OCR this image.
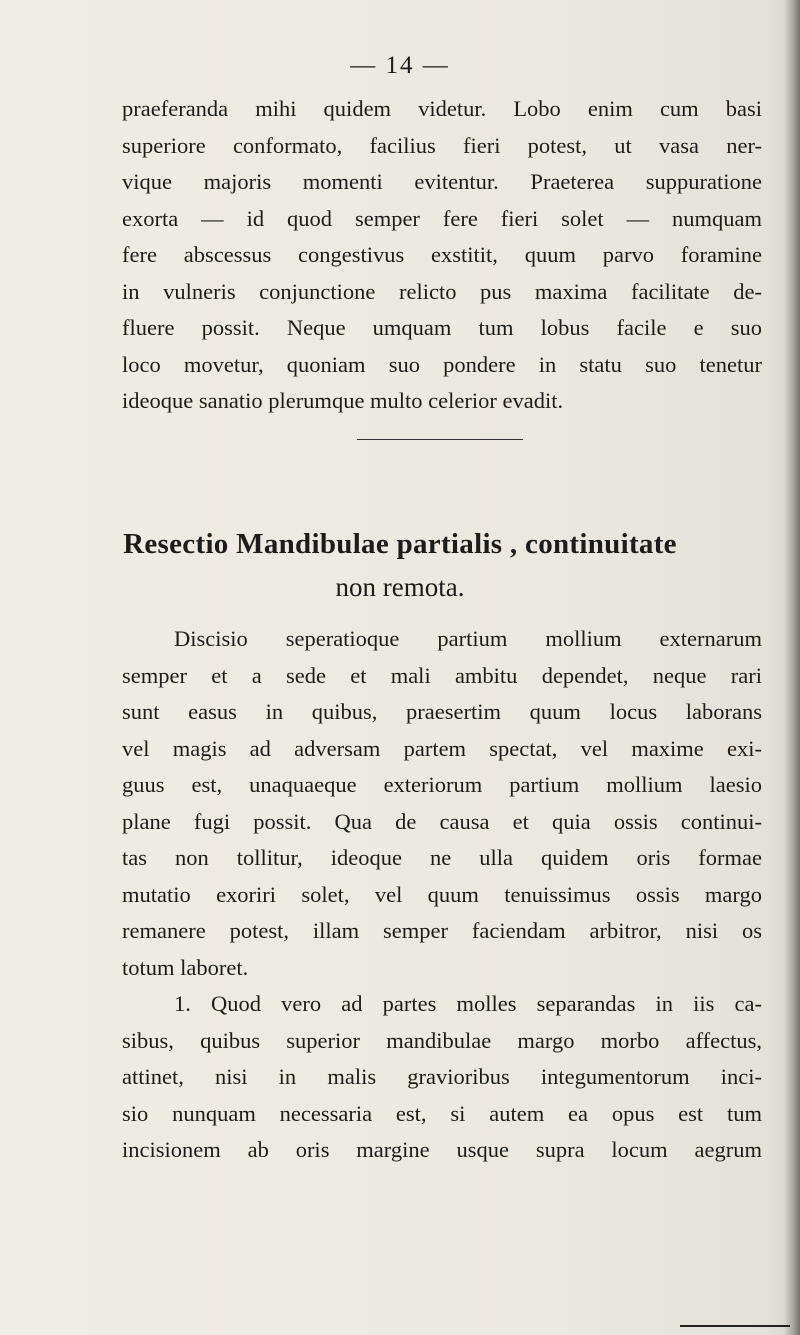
— 14 —
praeferanda mihi quidem videtur. Lobo enim cum basi
superiore conformato, facilius fieri potest, ut vasa ner-
vique majoris momenti evitentur. Praeterea suppuratione
exorta — id quod semper fere fieri solet — numquam
fere abscessus congestivus exstitit, quum parvo foramine
in vulneris conjunctione relicto pus maxima facilitate de-
fluere possit. Neque umquam tum lobus facile e suo
loco movetur, quoniam suo pondere in statu suo tenetur
ideoque sanatio plerumque multo celerior evadit.
Resectio Mandibulae partialis , continuitate
non remota.
Discisio seperatioque partium mollium externarum
semper et a sede et mali ambitu dependet, neque rari
sunt easus in quibus, praesertim quum locus laborans
vel magis ad adversam partem spectat, vel maxime exi-
guus est, unaquaeque exteriorum partium mollium laesio
plane fugi possit. Qua de causa et quia ossis continui-
tas non tollitur, ideoque ne ulla quidem oris formae
mutatio exoriri solet, vel quum tenuissimus ossis margo
remanere potest, illam semper faciendam arbitror, nisi os
totum laboret.
1. Quod vero ad partes molles separandas in iis ca-
sibus, quibus superior mandibulae margo morbo affectus,
attinet, nisi in malis gravioribus integumentorum inci-
sio nunquam necessaria est, si autem ea opus est tum
incisionem ab oris margine usque supra locum aegrum
